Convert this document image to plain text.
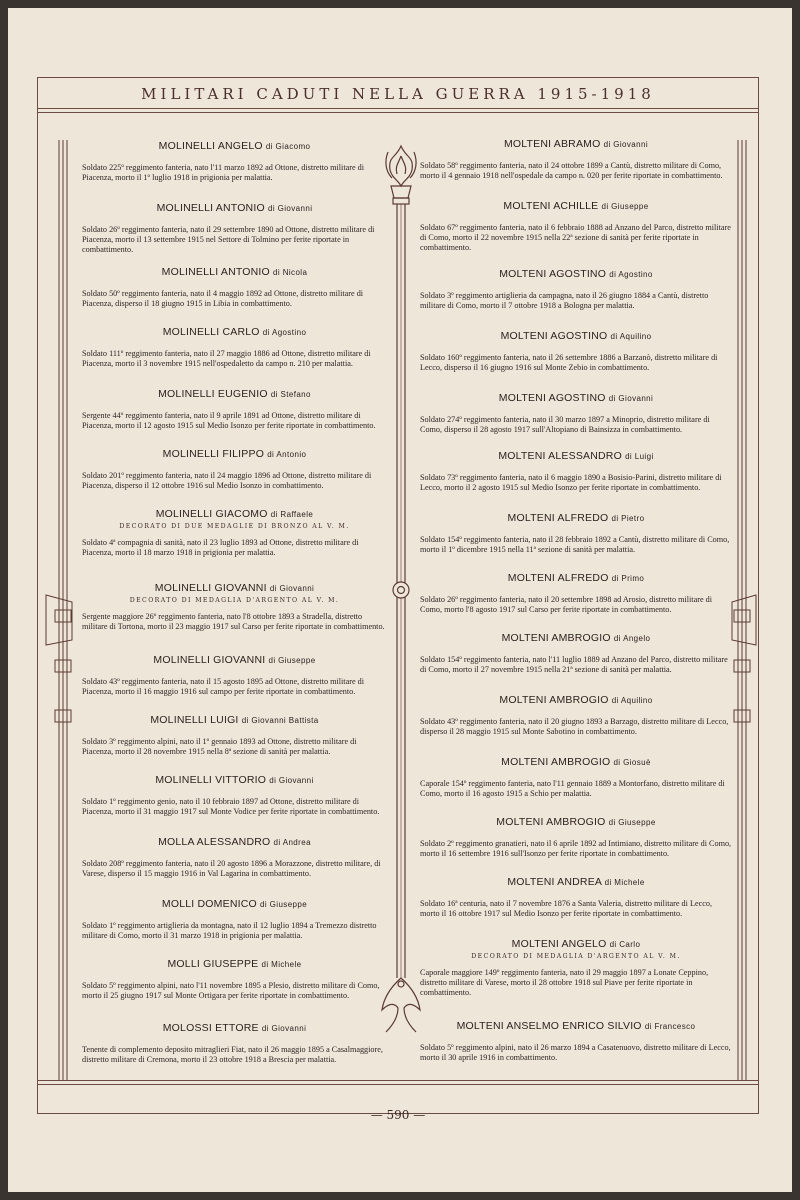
MILITARI CADUTI NELLA GUERRA 1915-1918
— 590 —
MOLINELLI ANGELO di Giacomo
Soldato 225º reggimento fanteria, nato l'11 marzo 1892 ad Ottone, distretto militare di Piacenza, morto il 1º luglio 1918 in prigionia per malattia.
MOLINELLI ANTONIO di Giovanni
Soldato 26º reggimento fanteria, nato il 29 settembre 1890 ad Ottone, distretto militare di Piacenza, morto il 13 settembre 1915 nel Settore di Tolmino per ferite riportate in combattimento.
MOLINELLI ANTONIO di Nicola
Soldato 50º reggimento fanteria, nato il 4 maggio 1892 ad Ottone, distretto militare di Piacenza, disperso il 18 giugno 1915 in Libia in combattimento.
MOLINELLI CARLO di Agostino
Soldato 111º reggimento fanteria, nato il 27 maggio 1886 ad Ottone, distretto militare di Piacenza, morto il 3 novembre 1915 nell'ospedaletto da campo n. 210 per malattia.
MOLINELLI EUGENIO di Stefano
Sergente 44º reggimento fanteria, nato il 9 aprile 1891 ad Ottone, distretto militare di Piacenza, morto il 12 agosto 1915 sul Medio Isonzo per ferite riportate in combattimento.
MOLINELLI FILIPPO di Antonio
Soldato 201º reggimento fanteria, nato il 24 maggio 1896 ad Ottone, distretto militare di Piacenza, disperso il 12 ottobre 1916 sul Medio Isonzo in combattimento.
MOLINELLI GIACOMO di Raffaele
DECORATO DI DUE MEDAGLIE DI BRONZO AL V. M.
Soldato 4ª compagnia di sanità, nato il 23 luglio 1893 ad Ottone, distretto militare di Piacenza, morto il 18 marzo 1918 in prigionia per malattia.
MOLINELLI GIOVANNI di Giovanni
DECORATO DI MEDAGLIA D'ARGENTO AL V. M.
Sergente maggiore 26º reggimento fanteria, nato l'8 ottobre 1893 a Stradella, distretto militare di Tortona, morto il 23 maggio 1917 sul Carso per ferite riportate in combattimento.
MOLINELLI GIOVANNI di Giuseppe
Soldato 43º reggimento fanteria, nato il 15 agosto 1895 ad Ottone, distretto militare di Piacenza, morto il 16 maggio 1916 sul campo per ferite riportate in combattimento.
MOLINELLI LUIGI di Giovanni Battista
Soldato 3º reggimento alpini, nato il 1º gennaio 1893 ad Ottone, distretto militare di Piacenza, morto il 28 novembre 1915 nella 8ª sezione di sanità per malattia.
MOLINELLI VITTORIO di Giovanni
Soldato 1º reggimento genio, nato il 10 febbraio 1897 ad Ottone, distretto militare di Piacenza, morto il 31 maggio 1917 sul Monte Vodice per ferite riportate in combattimento.
MOLLA ALESSANDRO di Andrea
Soldato 208º reggimento fanteria, nato il 20 agosto 1896 a Morazzone, distretto militare, di Varese, disperso il 15 maggio 1916 in Val Lagarina in combattimento.
MOLLI DOMENICO di Giuseppe
Soldato 1º reggimento artiglieria da montagna, nato il 12 luglio 1894 a Tremezzo distretto militare di Como, morto il 31 marzo 1918 in prigionia per malattia.
MOLLI GIUSEPPE di Michele
Soldato 5º reggimento alpini, nato l'11 novembre 1895 a Plesio, distretto militare di Como, morto il 25 giugno 1917 sul Monte Ortigara per ferite riportate in combattimento.
MOLOSSI ETTORE di Giovanni
Tenente di complemento deposito mitraglieri Fiat, nato il 26 maggio 1895 a Casalmaggiore, distretto militare di Cremona, morto il 23 ottobre 1918 a Brescia per malattia.
MOLTENI ABRAMO di Giovanni
Soldato 58º reggimento fanteria, nato il 24 ottobre 1899 a Cantù, distretto militare di Como, morto il 4 gennaio 1918 nell'ospedale da campo n. 020 per ferite riportate in combattimento.
MOLTENI ACHILLE di Giuseppe
Soldato 67º reggimento fanteria, nato il 6 febbraio 1888 ad Anzano del Parco, distretto militare di Como, morto il 22 novembre 1915 nella 22ª sezione di sanità per ferite riportate in combattimento.
MOLTENI AGOSTINO di Agostino
Soldato 3º reggimento artiglieria da campagna, nato il 26 giugno 1884 a Cantù, distretto militare di Como, morto il 7 ottobre 1918 a Bologna per malattia.
MOLTENI AGOSTINO di Aquilino
Soldato 160º reggimento fanteria, nato il 26 settembre 1886 a Barzanò, distretto militare di Lecco, disperso il 16 giugno 1916 sul Monte Zebio in combattimento.
MOLTENI AGOSTINO di Giovanni
Soldato 274º reggimento fanteria, nato il 30 marzo 1897 a Minoprio, distretto militare di Como, disperso il 28 agosto 1917 sull'Altopiano di Bainsizza in combattimento.
MOLTENI ALESSANDRO di Luigi
Soldato 73º reggimento fanteria, nato il 6 maggio 1890 a Bosisio-Parini, distretto militare di Lecco, morto il 2 agosto 1915 sul Medio Isonzo per ferite riportate in combattimento.
MOLTENI ALFREDO di Pietro
Soldato 154º reggimento fanteria, nato il 28 febbraio 1892 a Cantù, distretto militare di Como, morto il 1º dicembre 1915 nella 11ª sezione di sanità per malattia.
MOLTENI ALFREDO di Primo
Soldato 26º reggimento fanteria, nato il 20 settembre 1898 ad Arosio, distretto militare di Como, morto l'8 agosto 1917 sul Carso per ferite riportate in combattimento.
MOLTENI AMBROGIO di Angelo
Soldato 154º reggimento fanteria, nato l'11 luglio 1889 ad Anzano del Parco, distretto militare di Como, morto il 27 novembre 1915 nella 21ª sezione di sanità per malattia.
MOLTENI AMBROGIO di Aquilino
Soldato 43º reggimento fanteria, nato il 20 giugno 1893 a Barzago, distretto militare di Lecco, disperso il 28 maggio 1915 sul Monte Sabotino in combattimento.
MOLTENI AMBROGIO di Giosuè
Caporale 154º reggimento fanteria, nato l'11 gennaio 1889 a Montorfano, distretto militare di Como, morto il 16 agosto 1915 a Schio per malattia.
MOLTENI AMBROGIO di Giuseppe
Soldato 2º reggimento granatieri, nato il 6 aprile 1892 ad Intimiano, distretto militare di Como, morto il 16 settembre 1916 sull'Isonzo per ferite riportate in combattimento.
MOLTENI ANDREA di Michele
Soldato 16ª centuria, nato il 7 novembre 1876 a Santa Valeria, distretto militare di Lecco, morto il 16 ottobre 1917 sul Medio Isonzo per ferite riportate in combattimento.
MOLTENI ANGELO di Carlo
DECORATO DI MEDAGLIA D'ARGENTO AL V. M.
Caporale maggiore 149º reggimento fanteria, nato il 29 maggio 1897 a Lonate Ceppino, distretto militare di Varese, morto il 28 ottobre 1918 sul Piave per ferite riportate in combattimento.
MOLTENI ANSELMO ENRICO SILVIO di Francesco
Soldato 5º reggimento alpini, nato il 26 marzo 1894 a Casatenuovo, distretto militare di Lecco, morto il 30 aprile 1916 in combattimento.
